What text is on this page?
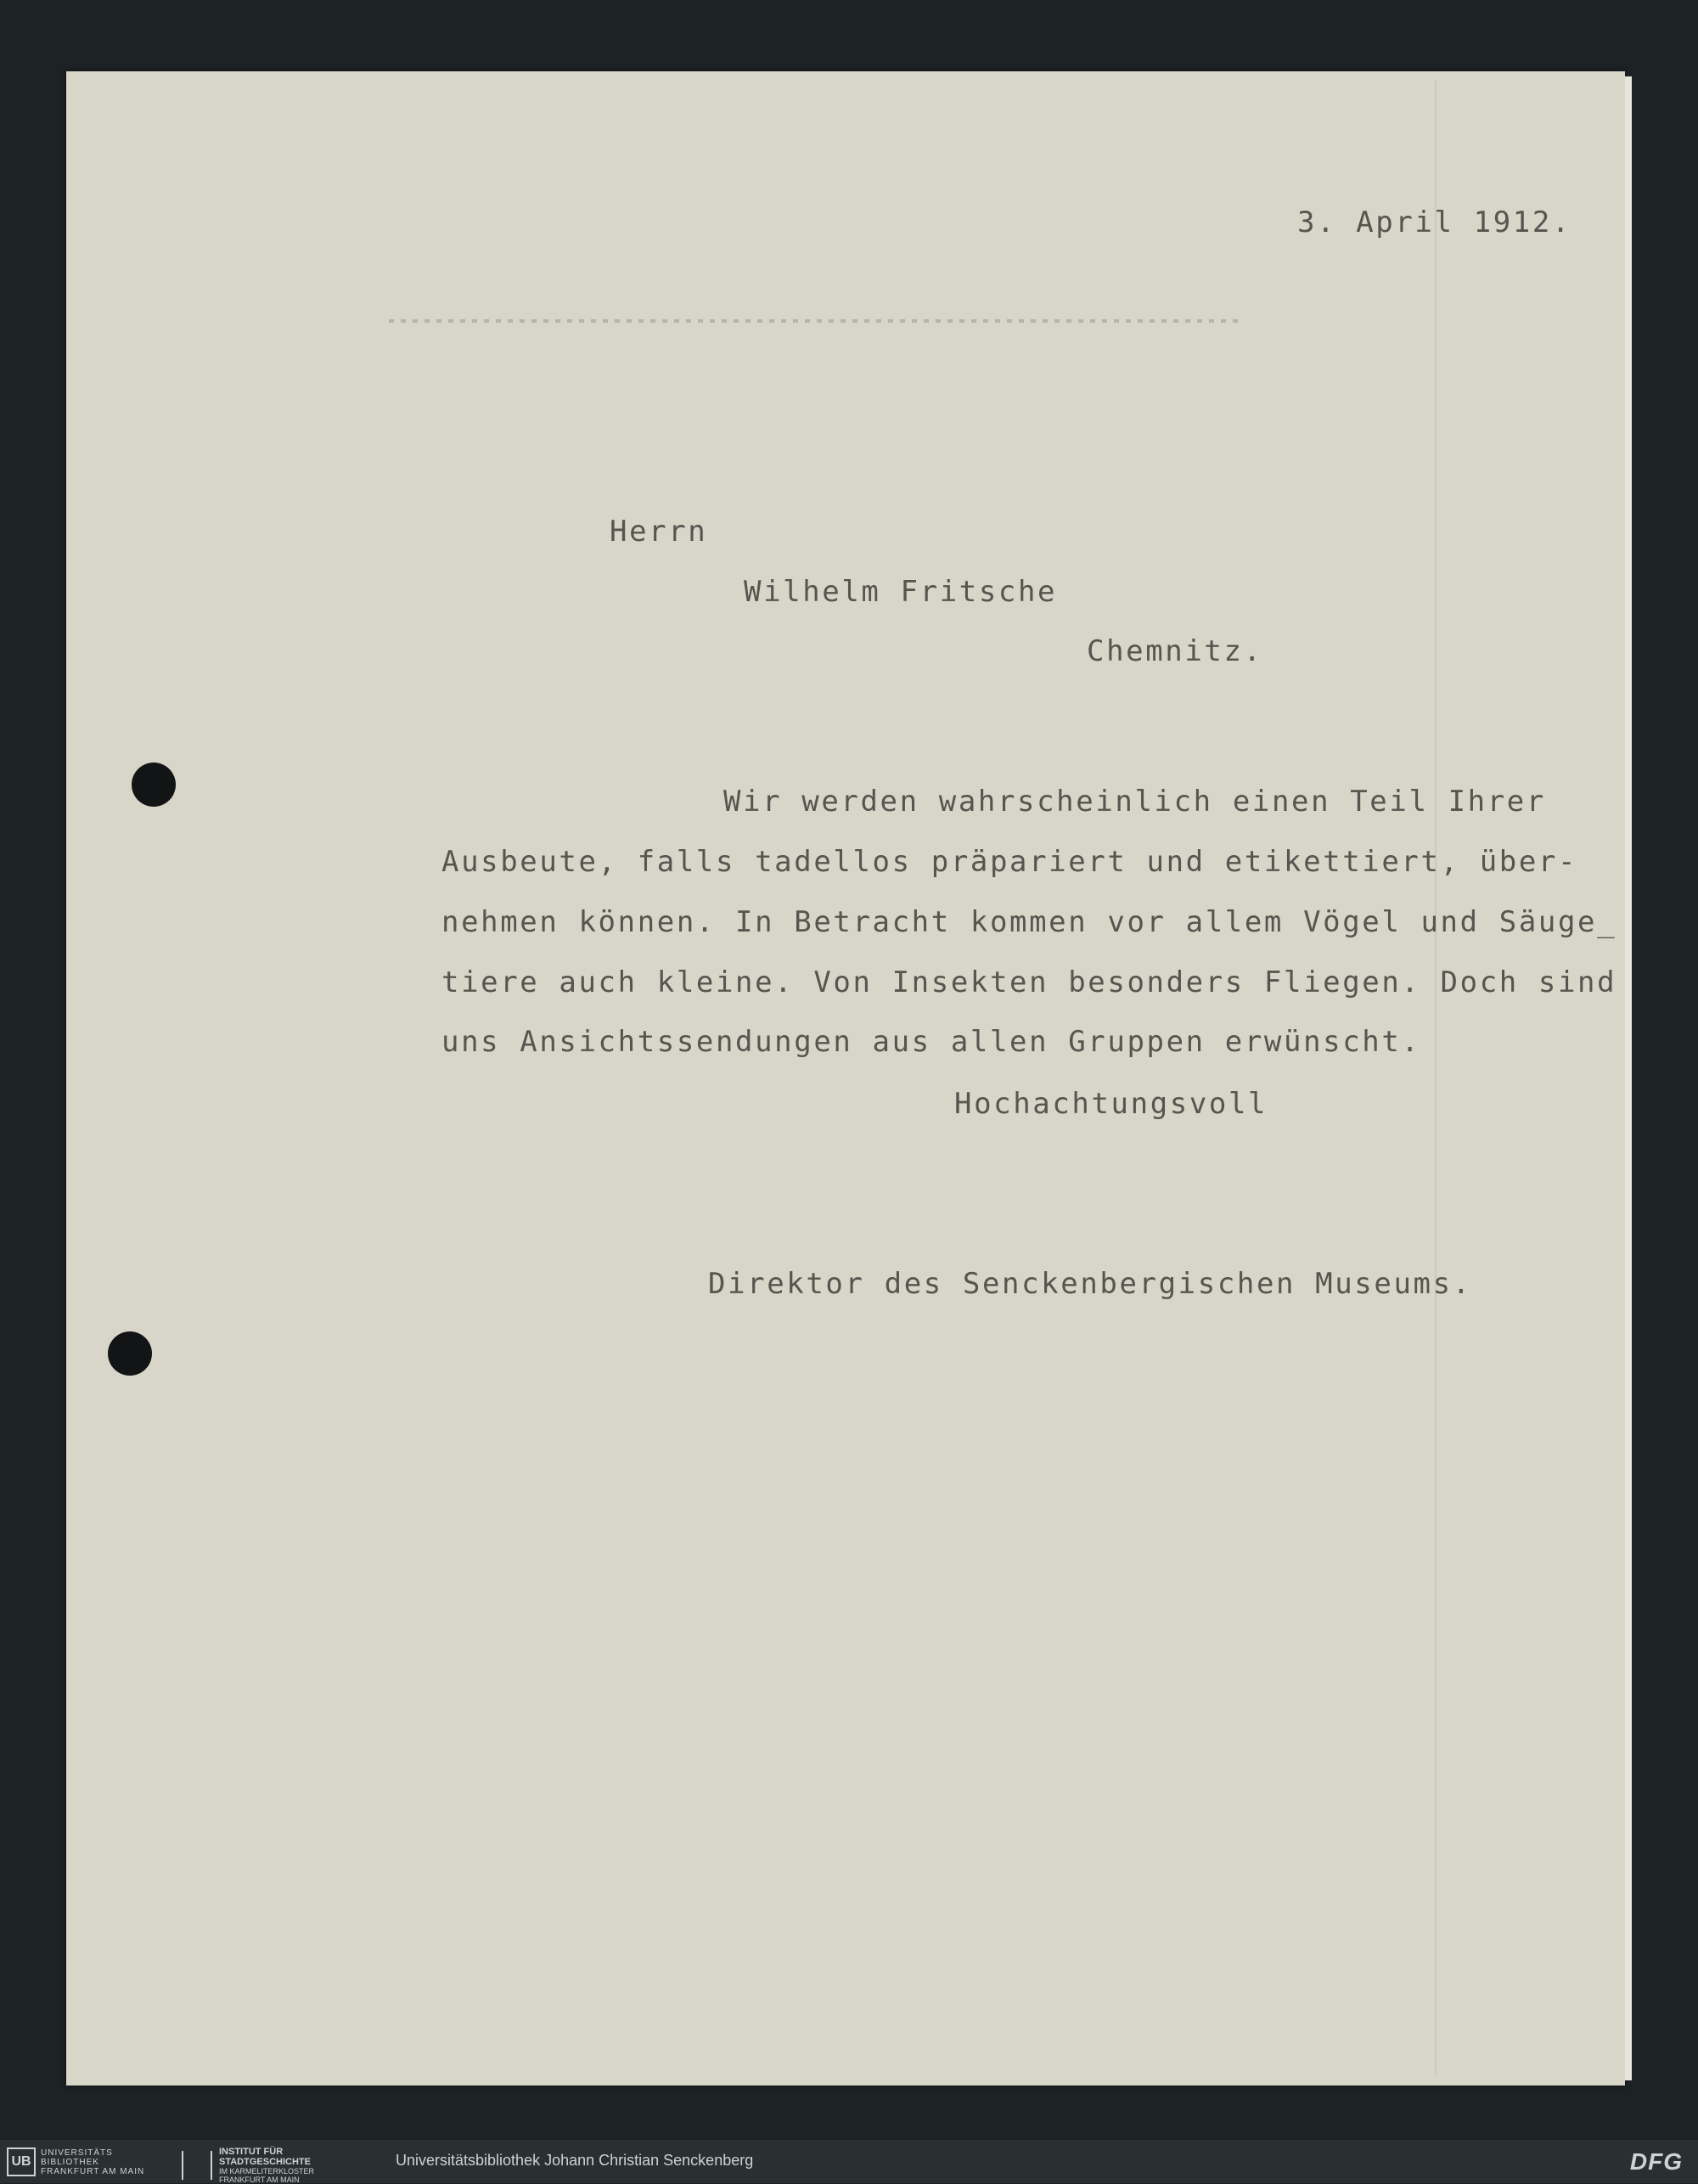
3. April 1912.
Herrn
Wilhelm Fritsche
Chemnitz.
Wir werden wahrscheinlich einen Teil Ihrer
Ausbeute, falls tadellos präpariert und etikettiert, über-
nehmen können. In Betracht kommen vor allem Vögel und Säuge_
tiere auch kleine. Von Insekten besonders Fliegen. Doch sind
uns Ansichtssendungen aus allen Gruppen erwünscht.
Hochachtungsvoll
Direktor des Senckenbergischen Museums.
UB
UNIVERSITÄTS
BIBLIOTHEK
FRANKFURT AM MAIN
INSTITUT FÜR
STADTGESCHICHTE
IM KARMELITERKLOSTER
FRANKFURT AM MAIN
Universitätsbibliothek Johann Christian Senckenberg	DFG
